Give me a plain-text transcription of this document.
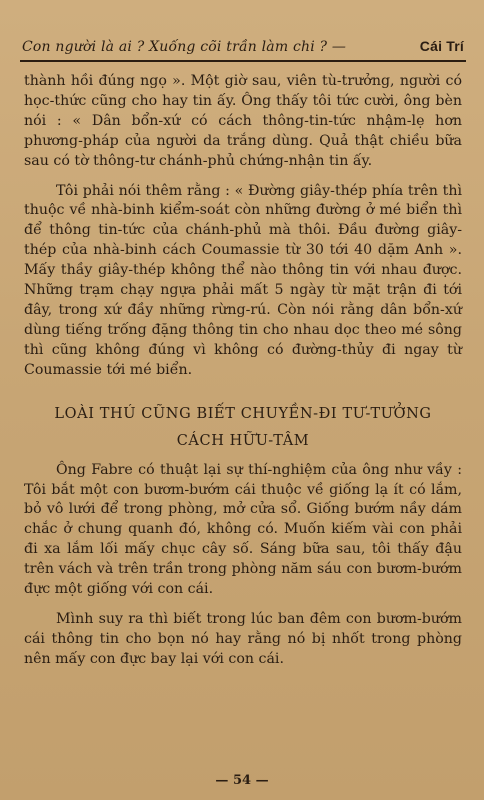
Con người là ai ? Xuống cõi trần làm chi ? —	Cái Trí

thành hồi đúng ngọ ». Một giờ sau, viên tù-trưởng, người có học-thức cũng cho hay tin ấy. Ông thấy tôi tức cười, ông bèn nói : « Dân bổn-xứ có cách thông-tin-tức nhậm-lẹ hơn phương-pháp của người da trắng dùng. Quả thật chiều bữa sau có tờ thông-tư chánh-phủ chứng-nhận tin ấy.

Tôi phải nói thêm rằng : « Đường giây-thép phía trên thì thuộc về nhà-binh kiểm-soát còn những đường ở mé biển thì để thông tin-tức của chánh-phủ mà thôi. Đầu đường giây-thép của nhà-binh cách Coumassie từ 30 tới 40 dặm Anh ». Mấy thầy giây-thép không thể nào thông tin với nhau được. Những trạm chạy ngựa phải mất 5 ngày từ mặt trận đi tới đây, trong xứ đầy những rừng-rú. Còn nói rằng dân bổn-xứ dùng tiếng trống đặng thông tin cho nhau dọc theo mé sông thì cũng không đúng vì không có đường-thủy đi ngay từ Coumassie tới mé biển.

LOÀI THÚ CŨNG BIẾT CHUYỀN-ĐI TƯ-TƯỞNG
CÁCH HỮU-TÂM

Ông Fabre có thuật lại sự thí-nghiệm của ông như vầy : Tôi bắt một con bươm-bướm cái thuộc về giống lạ ít có lắm, bỏ vô lưới để trong phòng, mở cửa sổ. Giống bướm nầy dám chắc ở chung quanh đó, không có. Muốn kiếm vài con phải đi xa lắm lối mấy chục cây số. Sáng bữa sau, tôi thấy đậu trên vách và trên trần trong phòng năm sáu con bươm-bướm đực một giống với con cái.

Mình suy ra thì biết trong lúc ban đêm con bươm-bướm cái thông tin cho bọn nó hay rằng nó bị nhốt trong phòng nên mấy con đực bay lại với con cái.

— 54 —
